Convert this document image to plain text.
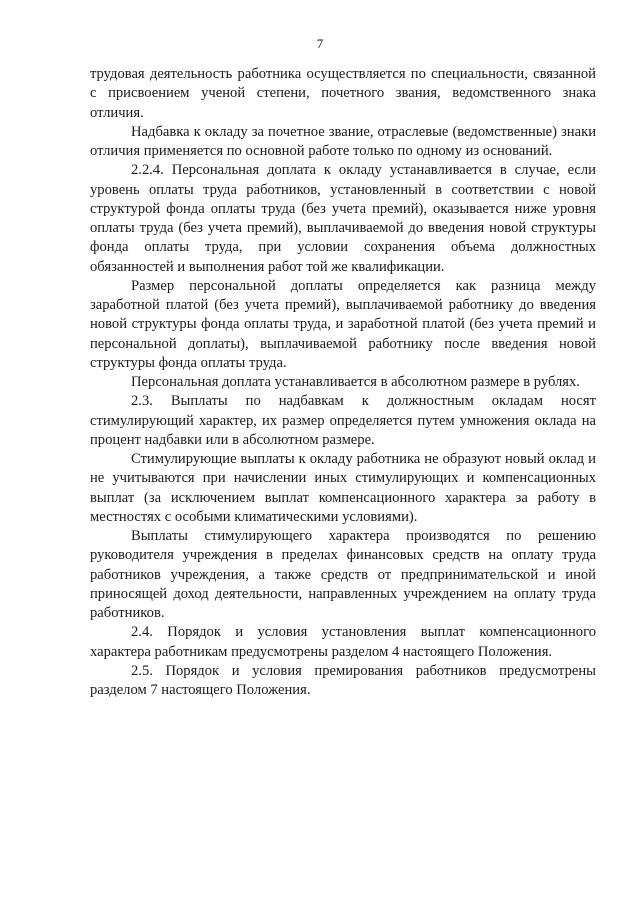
7

трудовая деятельность работника осуществляется по специальности, связанной с присвоением ученой степени, почетного звания, ведомственного знака отличия.

Надбавка к окладу за почетное звание, отраслевые (ведомственные) знаки отличия применяется по основной работе только по одному из оснований.

2.2.4. Персональная доплата к окладу устанавливается в случае, если уровень оплаты труда работников, установленный в соответствии с новой структурой фонда оплаты труда (без учета премий), оказывается ниже уровня оплаты труда (без учета премий), выплачиваемой до введения новой структуры фонда оплаты труда, при условии сохранения объема должностных обязанностей и выполнения работ той же квалификации.

Размер персональной доплаты определяется как разница между заработной платой (без учета премий), выплачиваемой работнику до введения новой структуры фонда оплаты труда, и заработной платой (без учета премий и персональной доплаты), выплачиваемой работнику после введения новой структуры фонда оплаты труда.

Персональная доплата устанавливается в абсолютном размере в рублях.

2.3. Выплаты по надбавкам к должностным окладам носят стимулирующий характер, их размер определяется путем умножения оклада на процент надбавки или в абсолютном размере.

Стимулирующие выплаты к окладу работника не образуют новый оклад и не учитываются при начислении иных стимулирующих и компенсационных выплат (за исключением выплат компенсационного характера за работу в местностях с особыми климатическими условиями).

Выплаты стимулирующего характера производятся по решению руководителя учреждения в пределах финансовых средств на оплату труда работников учреждения, а также средств от предпринимательской и иной приносящей доход деятельности, направленных учреждением на оплату труда работников.

2.4. Порядок и условия установления выплат компенсационного характера работникам предусмотрены разделом 4 настоящего Положения.

2.5. Порядок и условия премирования работников предусмотрены разделом 7 настоящего Положения.
